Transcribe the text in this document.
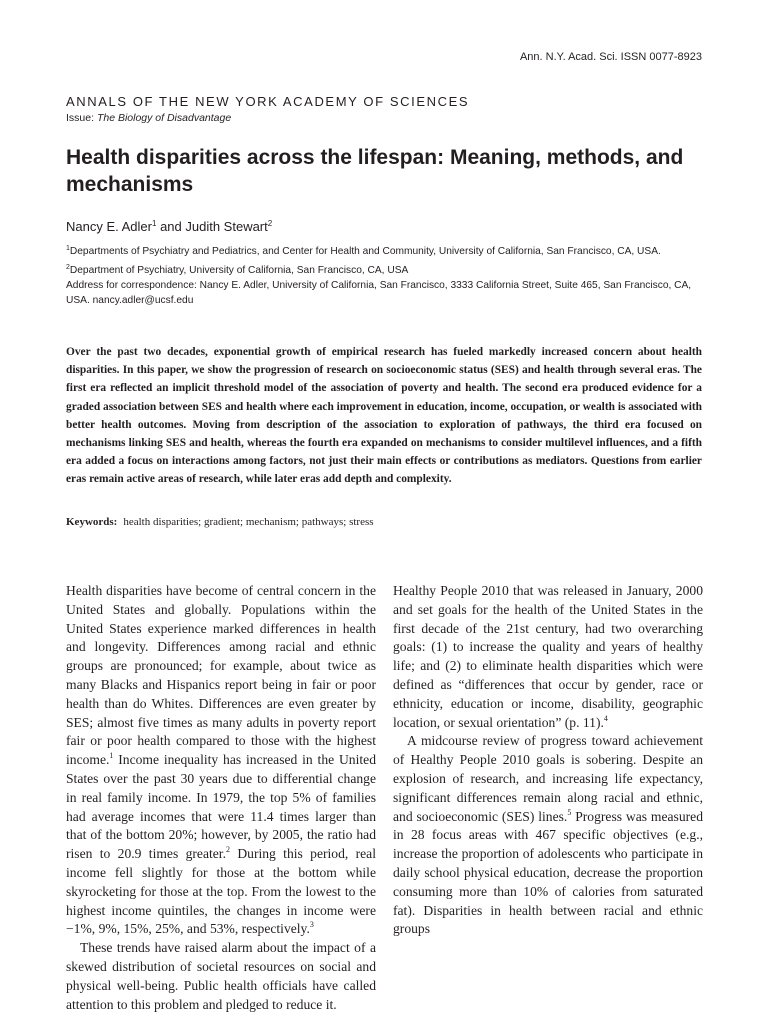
Ann. N.Y. Acad. Sci. ISSN 0077-8923
ANNALS OF THE NEW YORK ACADEMY OF SCIENCES
Issue: The Biology of Disadvantage
Health disparities across the lifespan: Meaning, methods, and mechanisms
Nancy E. Adler$^1$ and Judith Stewart$^2$
$^1$Departments of Psychiatry and Pediatrics, and Center for Health and Community, University of California, San Francisco, CA, USA. $^2$Department of Psychiatry, University of California, San Francisco, CA, USA
Address for correspondence: Nancy E. Adler, University of California, San Francisco, 3333 California Street, Suite 465, San Francisco, CA, USA. nancy.adler@ucsf.edu

Over the past two decades, exponential growth of empirical research has fueled markedly increased concern about health disparities. In this paper, we show the progression of research on socioeconomic status (SES) and health through several eras. The first era reflected an implicit threshold model of the association of poverty and health. The second era produced evidence for a graded association between SES and health where each improvement in education, income, occupation, or wealth is associated with better health outcomes. Moving from description of the association to exploration of pathways, the third era focused on mechanisms linking SES and health, whereas the fourth era expanded on mechanisms to consider multilevel influences, and a fifth era added a focus on interactions among factors, not just their main effects or contributions as mediators. Questions from earlier eras remain active areas of research, while later eras add depth and complexity.

Keywords: health disparities; gradient; mechanism; pathways; stress

Health disparities have become of central concern in the United States and globally. Populations within the United States experience marked differences in health and longevity. Differences among racial and ethnic groups are pronounced; for example, about twice as many Blacks and Hispanics report being in fair or poor health than do Whites. Differences are even greater by SES; almost five times as many adults in poverty report fair or poor health compared to those with the highest income.$^1$ Income inequality has increased in the United States over the past 30 years due to differential change in real family income. In 1979, the top 5% of families had average incomes that were 11.4 times larger than that of the bottom 20%; however, by 2005, the ratio had risen to 20.9 times greater.$^2$ During this period, real income fell slightly for those at the bottom while skyrocketing for those at the top. From the lowest to the highest income quintiles, the changes in income were −1%, 9%, 15%, 25%, and 53%, respectively.$^3$

These trends have raised alarm about the impact of a skewed distribution of societal resources on social and physical well-being. Public health officials have called attention to this problem and pledged to reduce it.

Healthy People 2010 that was released in January, 2000 and set goals for the health of the United States in the first decade of the 21st century, had two overarching goals: (1) to increase the quality and years of healthy life; and (2) to eliminate health disparities which were defined as “differences that occur by gender, race or ethnicity, education or income, disability, geographic location, or sexual orientation” (p. 11).$^4$

A midcourse review of progress toward achievement of Healthy People 2010 goals is sobering. Despite an explosion of research, and increasing life expectancy, significant differences remain along racial and ethnic, and socioeconomic (SES) lines.$^5$ Progress was measured in 28 focus areas with 467 specific objectives (e.g., increase the proportion of adolescents who participate in daily school physical education, decrease the proportion consuming more than 10% of calories from saturated fat). Disparities in health between racial and ethnic groups
